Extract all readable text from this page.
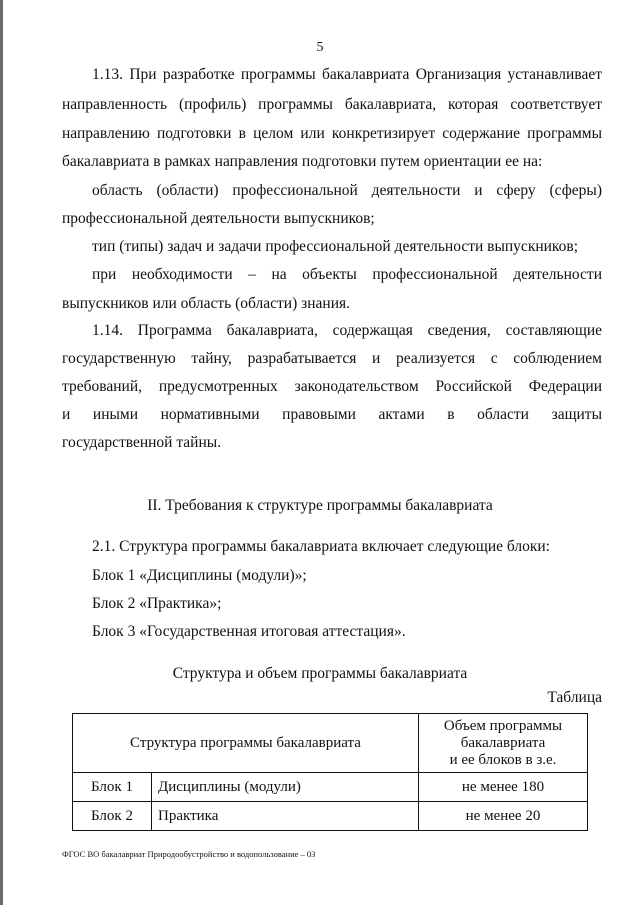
5
1.13. При разработке программы бакалавриата Организация устанавливает
направленность (профиль) программы бакалавриата, которая соответствует
направлению подготовки в целом или конкретизирует содержание программы
бакалавриата в рамках направления подготовки путем ориентации ее на:
область (области) профессиональной деятельности и сферу (сферы)
профессиональной деятельности выпускников;
тип (типы) задач и задачи профессиональной деятельности выпускников;
при необходимости – на объекты профессиональной деятельности
выпускников или область (области) знания.
1.14. Программа бакалавриата, содержащая сведения, составляющие
государственную тайну, разрабатывается и реализуется с соблюдением
требований, предусмотренных законодательством Российской Федерации
и иными нормативными правовыми актами в области защиты
государственной тайны.
II. Требования к структуре программы бакалавриата
2.1. Структура программы бакалавриата включает следующие блоки:
Блок 1 «Дисциплины (модули)»;
Блок 2 «Практика»;
Блок 3 «Государственная итоговая аттестация».
Структура и объем программы бакалавриата
Таблица
Структура программы бакалавриата		Объем программы
бакалавриата
и ее блоков в з.е.

Блок 1	Дисциплины (модули)	не менее 180
Блок 2	Практика	не менее 20
ФГОС ВО бакалавриат Природообустройство и водопользование – 03
